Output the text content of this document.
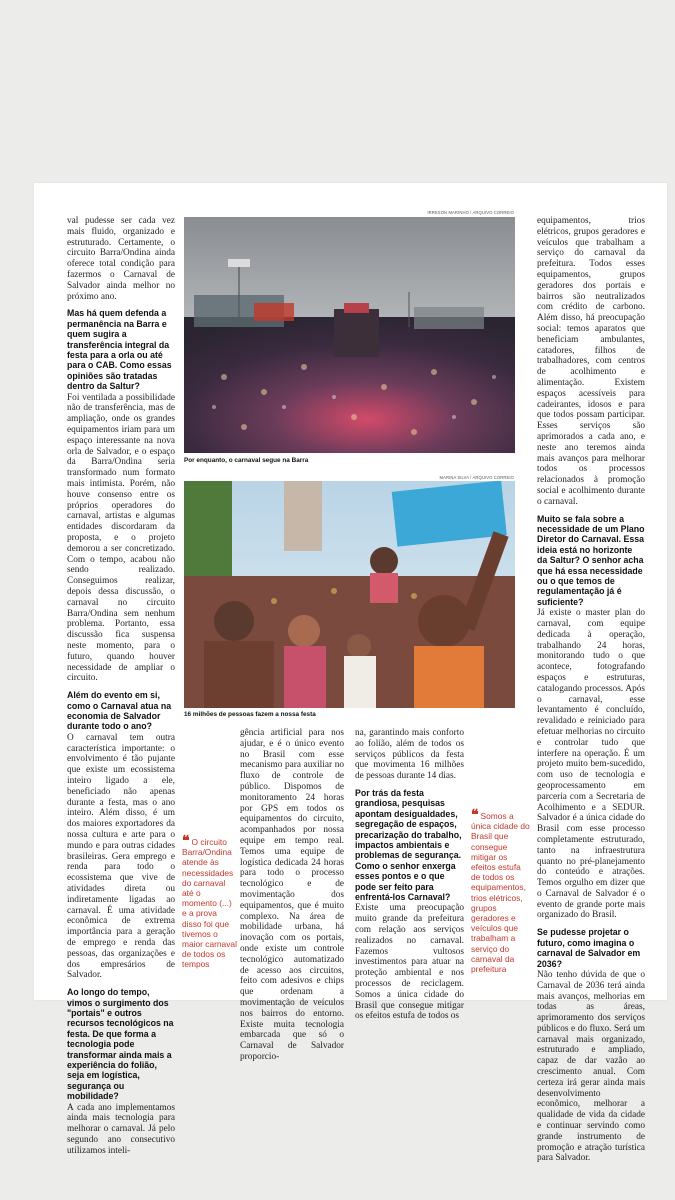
val pudesse ser cada vez mais fluido, organizado e estruturado. Certamente, o circuito Barra/Ondina ainda oferece total condição para fazermos o Carnaval de Salvador ainda melhor no próximo ano.

Mas há quem defenda a permanência na Barra e quem sugira a transferência integral da festa para a orla ou até para o CAB. Como essas opiniões são tratadas dentro da Saltur?

Foi ventilada a possibilidade não de transferência, mas de ampliação, onde os grandes equipamentos iriam para um espaço interessante na nova orla de Salvador, e o espaço da Barra/Ondina seria transformado num formato mais intimista. Porém, não houve consenso entre os próprios operadores do carnaval, artistas e algumas entidades discordaram da proposta, e o projeto demorou a ser concretizado. Com o tempo, acabou não sendo realizado. Conseguimos realizar, depois dessa discussão, o carnaval no circuito Barra/Ondina sem nenhum problema. Portanto, essa discussão fica suspensa neste momento, para o futuro, quando houver necessidade de ampliar o circuito.

Além do evento em si, como o Carnaval atua na economia de Salvador durante todo o ano?

O carnaval tem outra característica importante: o envolvimento é tão pujante que existe um ecossistema inteiro ligado a ele, beneficiado não apenas durante a festa, mas o ano inteiro. Além disso, é um dos maiores exportadores da nossa cultura e arte para o mundo e para outras cidades brasileiras. Gera emprego e renda para todo o ecossistema que vive de atividades direta ou indiretamente ligadas ao carnaval. É uma atividade econômica de extrema importância para a geração de emprego e renda das pessoas, das organizações e dos empresários de Salvador.

Ao longo do tempo, vimos o surgimento dos "portais" e outros recursos tecnológicos na festa. De que forma a tecnologia pode transformar ainda mais a experiência do folião, seja em logística, segurança ou mobilidade?

A cada ano implementamos ainda mais tecnologia para melhorar o carnaval. Já pelo segundo ano consecutivo utilizamos inteli-

IRRESON MARINHO / ARQUIVO CORREIO
Por enquanto, o carnaval segue na Barra
MARINA SILVA / ARQUIVO CORREIO
16 milhões de pessoas fazem a nossa festa

gência artificial para nos ajudar, e é o único evento no Brasil com esse mecanismo para auxiliar no fluxo de controle de público. Dispomos de monitoramento 24 horas por GPS em todos os equipamentos do circuito, acompanhados por nossa equipe em tempo real. Temos uma equipe de logística dedicada 24 horas para todo o processo tecnológico e de movimentação dos equipamentos, que é muito complexo. Na área de mobilidade urbana, há inovação com os portais, onde existe um controle tecnológico automatizado de acesso aos circuitos, feito com adesivos e chips que ordenam a movimentação de veículos nos bairros do entorno. Existe muita tecnologia embarcada que só o Carnaval de Salvador proporcio-

❝ O circuito Barra/Ondina atende às necessidades do carnaval até o momento (...) e a prova disso foi que tivemos o maior carnaval de todos os tempos

na, garantindo mais conforto ao folião, além de todos os serviços públicos da festa que movimenta 16 milhões de pessoas durante 14 dias.

Por trás da festa grandiosa, pesquisas apontam desigualdades, segregação de espaços, precarização do trabalho, impactos ambientais e problemas de segurança. Como o senhor enxerga esses pontos e o que pode ser feito para enfrentá-los Carnaval?

Existe uma preocupação muito grande da prefeitura com relação aos serviços realizados no carnaval. Fazemos vultosos investimentos para atuar na proteção ambiental e nos processos de reciclagem. Somos a única cidade do Brasil que consegue mitigar os efeitos estufa de todos os

❝ Somos a única cidade do Brasil que consegue mitigar os efeitos estufa de todos os equipamentos, trios elétricos, grupos geradores e veículos que trabalham a serviço do carnaval da prefeitura

equipamentos, trios elétricos, grupos geradores e veículos que trabalham a serviço do carnaval da prefeitura. Todos esses equipamentos, grupos geradores dos portais e bairros são neutralizados com crédito de carbono. Além disso, há preocupação social: temos aparatos que beneficiam ambulantes, catadores, filhos de trabalhadores, com centros de acolhimento e alimentação. Existem espaços acessíveis para cadeirantes, idosos e para que todos possam participar. Esses serviços são aprimorados a cada ano, e neste ano teremos ainda mais avanços para melhorar todos os processos relacionados à promoção social e acolhimento durante o carnaval.

Muito se fala sobre a necessidade de um Plano Diretor do Carnaval. Essa ideia está no horizonte da Saltur? O senhor acha que há essa necessidade ou o que temos de regulamentação já é suficiente?

Já existe o master plan do carnaval, com equipe dedicada à operação, trabalhando 24 horas, monitorando tudo o que acontece, fotografando espaços e estruturas, catalogando processos. Após o carnaval, esse levantamento é concluído, revalidado e reiniciado para efetuar melhorias no circuito e controlar tudo que interfere na operação. É um projeto muito bem-sucedido, com uso de tecnologia e geoprocessamento em parceria com a Secretaria de Acolhimento e a SEDUR. Salvador é a única cidade do Brasil com esse processo completamente estruturado, tanto na infraestrutura quanto no pré-planejamento do conteúdo e atrações. Temos orgulho em dizer que o Carnaval de Salvador é o evento de grande porte mais organizado do Brasil.

Se pudesse projetar o futuro, como imagina o carnaval de Salvador em 2036?

Não tenho dúvida de que o Carnaval de 2036 terá ainda mais avanços, melhorias em todas as áreas, aprimoramento dos serviços públicos e do fluxo. Será um carnaval mais organizado, estruturado e ampliado, capaz de dar vazão ao crescimento anual. Com certeza irá gerar ainda mais desenvolvimento econômico, melhorar a qualidade de vida da cidade e continuar servindo como grande instrumento de promoção e atração turística para Salvador.
